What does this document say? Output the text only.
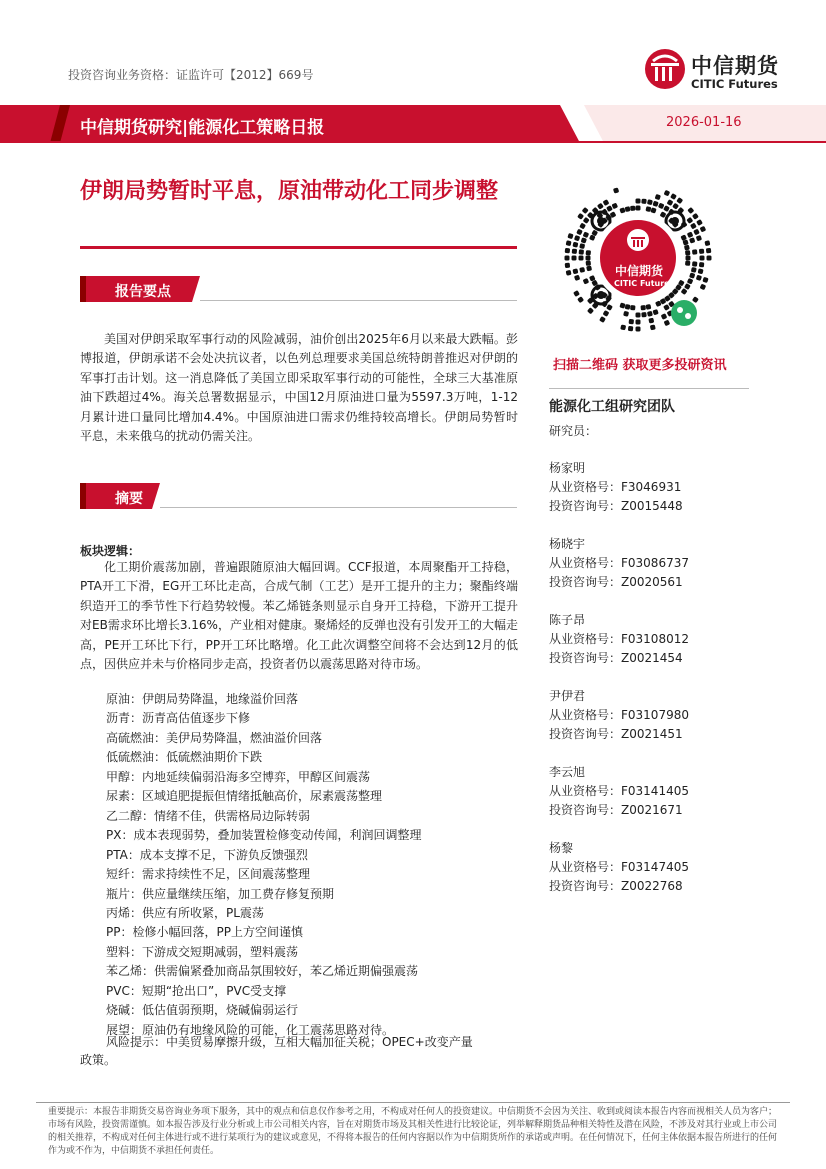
投资咨询业务资格：证监许可【2012】669号	中信期货
CITIC Futures
中信期货研究|能源化工策略日报	2026-01-16
伊朗局势暂时平息，原油带动化工同步调整
报告要点
美国对伊朗采取军事行动的风险减弱，油价创出2025年6月以来最大跌幅。彭博报道，伊朗承诺不会处决抗议者，以色列总理要求美国总统特朗普推迟对伊朗的军事打击计划。这一消息降低了美国立即采取军事行动的可能性，全球三大基准原油下跌超过4%。海关总署数据显示，中国12月原油进口量为5597.3万吨，1-12月累计进口量同比增加4.4%。中国原油进口需求仍维持较高增长。伊朗局势暂时平息，未来俄乌的扰动仍需关注。
摘要
板块逻辑：
化工期价震荡加剧，普遍跟随原油大幅回调。CCF报道，本周聚酯开工持稳，PTA开工下滑，EG开工环比走高，合成气制（工艺）是开工提升的主力；聚酯终端织造开工的季节性下行趋势较慢。苯乙烯链条则显示自身开工持稳，下游开工提升对EB需求环比增长3.16%，产业相对健康。聚烯烃的反弹也没有引发开工的大幅走高，PE开工环比下行，PP开工环比略增。化工此次调整空间将不会达到12月的低点，因供应并未与价格同步走高，投资者仍以震荡思路对待市场。
原油：伊朗局势降温，地缘溢价回落
沥青：沥青高估值逐步下修
高硫燃油：美伊局势降温，燃油溢价回落
低硫燃油：低硫燃油期价下跌
甲醇：内地延续偏弱沿海多空博弈，甲醇区间震荡
尿素：区域追肥提振但情绪抵触高价，尿素震荡整理
乙二醇：情绪不佳，供需格局边际转弱
PX：成本表现弱势，叠加装置检修变动传闻，利润回调整理
PTA：成本支撑不足，下游负反馈强烈
短纤：需求持续性不足，区间震荡整理
瓶片：供应量继续压缩，加工费存修复预期
丙烯：供应有所收紧，PL震荡
PP：检修小幅回落，PP上方空间谨慎
塑料：下游成交短期减弱，塑料震荡
苯乙烯：供需偏紧叠加商品氛围较好，苯乙烯近期偏强震荡
PVC：短期“抢出口”，PVC受支撑
烧碱：低估值弱预期，烧碱偏弱运行
展望：原油仍有地缘风险的可能，化工震荡思路对待。
风险提示：中美贸易摩擦升级，互相大幅加征关税；OPEC+改变产量
政策。
中信期货
CITIC Futures
扫描二维码 获取更多投研资讯
能源化工组研究团队
研究员：
杨家明
从业资格号：F3046931
投资咨询号：Z0015448
杨晓宇
从业资格号：F03086737
投资咨询号：Z0020561
陈子昂
从业资格号：F03108012
投资咨询号：Z0021454
尹伊君
从业资格号：F03107980
投资咨询号：Z0021451
李云旭
从业资格号：F03141405
投资咨询号：Z0021671
杨黎
从业资格号：F03147405
投资咨询号：Z0022768
重要提示：本报告非期货交易咨询业务项下服务，其中的观点和信息仅作参考之用，不构成对任何人的投资建议。中信期货不会因为关注、收到或阅读本报告内容而视相关人员为客户；市场有风险，投资需谨慎。如本报告涉及行业分析或上市公司相关内容，旨在对期货市场及其相关性进行比较论证，列举解释期货品种相关特性及潜在风险，不涉及对其行业或上市公司的相关推荐，不构成对任何主体进行或不进行某项行为的建议或意见，不得将本报告的任何内容据以作为中信期货所作的承诺或声明。在任何情况下，任何主体依据本报告所进行的任何作为或不作为，中信期货不承担任何责任。
